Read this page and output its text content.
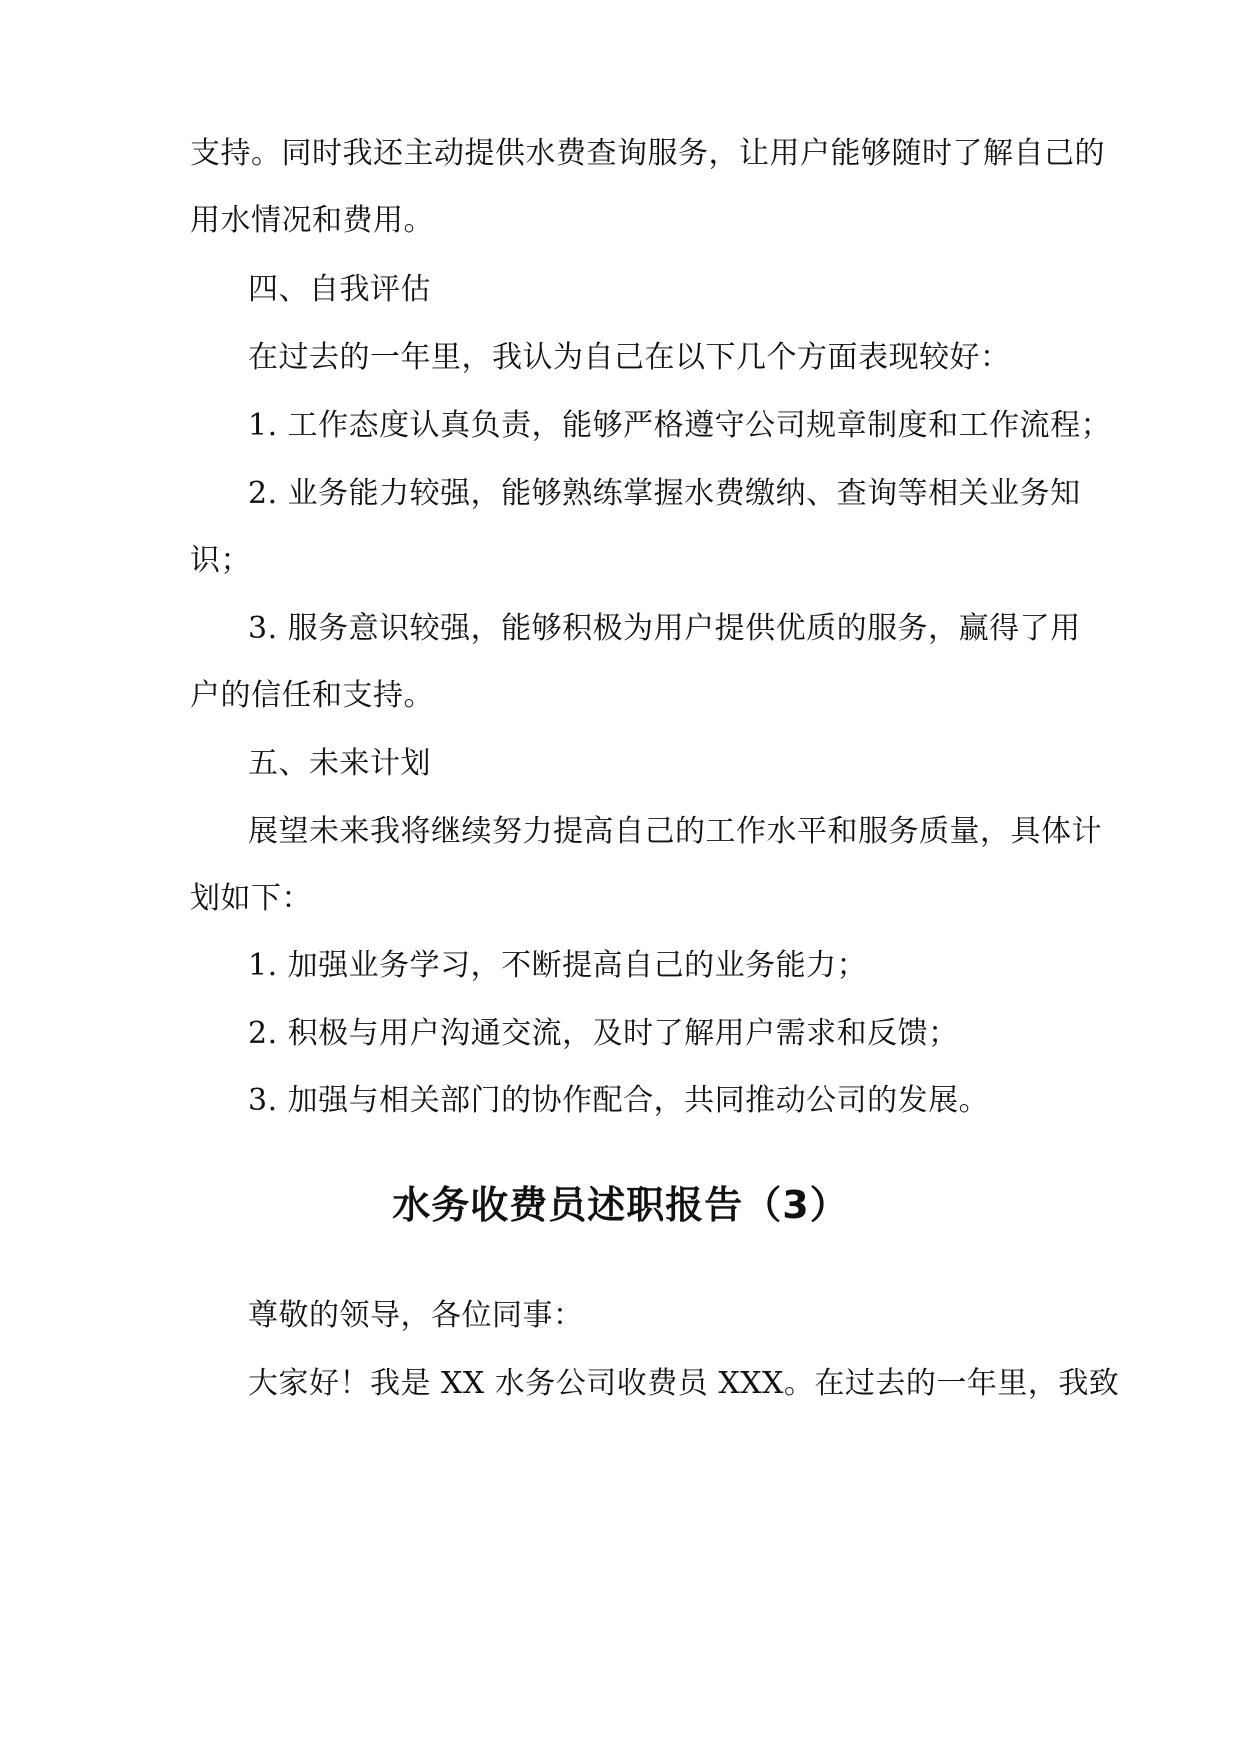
支持。同时我还主动提供水费查询服务，让用户能够随时了解自己的
用水情况和费用。
四、自我评估
在过去的一年里，我认为自己在以下几个方面表现较好：
1. 工作态度认真负责，能够严格遵守公司规章制度和工作流程；
2. 业务能力较强，能够熟练掌握水费缴纳、查询等相关业务知
识；
3. 服务意识较强，能够积极为用户提供优质的服务，赢得了用
户的信任和支持。
五、未来计划
展望未来我将继续努力提高自己的工作水平和服务质量，具体计
划如下：
1. 加强业务学习，不断提高自己的业务能力；
2. 积极与用户沟通交流，及时了解用户需求和反馈；
3. 加强与相关部门的协作配合，共同推动公司的发展。
水务收费员述职报告（3）
尊敬的领导，各位同事：
大家好！我是 XX 水务公司收费员 XXX。在过去的一年里，我致
